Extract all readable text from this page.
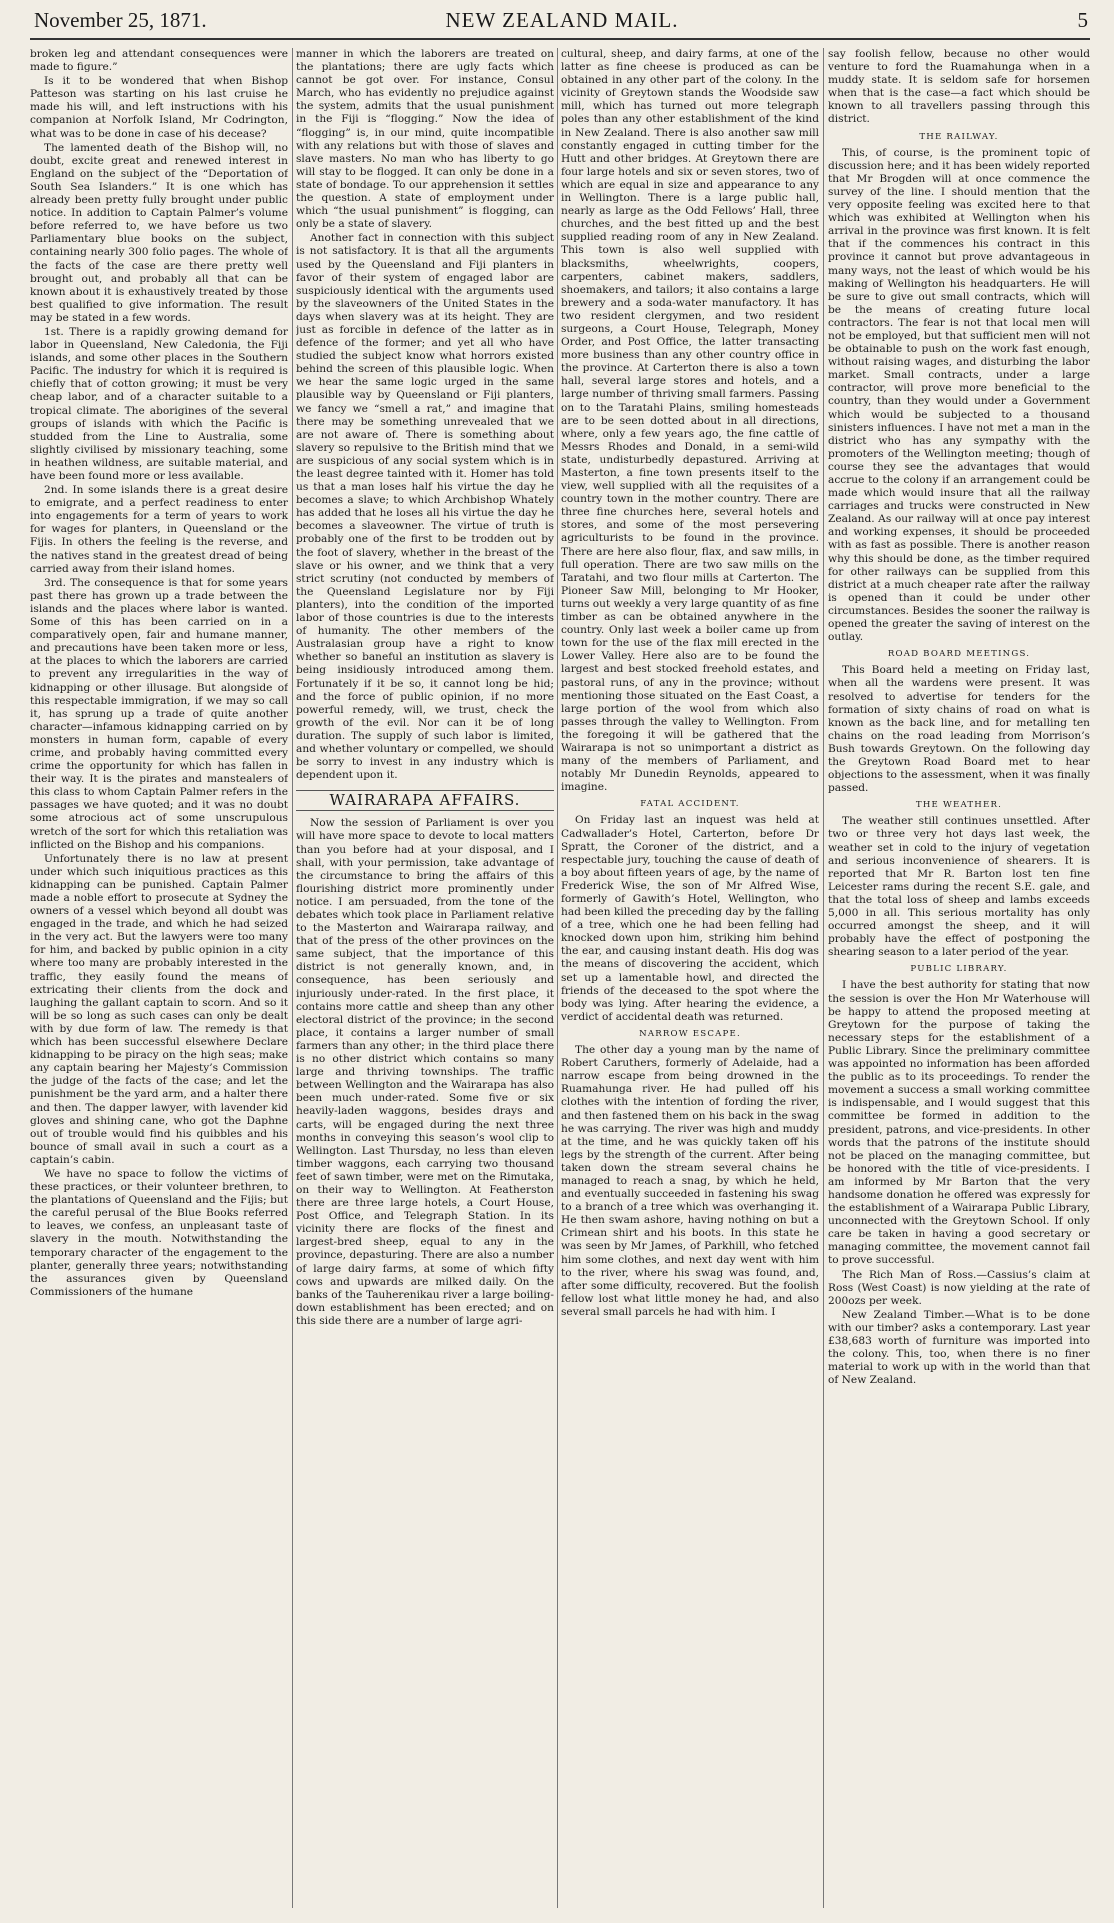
November 25, 1871.	NEW ZEALAND MAIL.	5

broken leg and attendant consequences were made to figure.”

Is it to be wondered that when Bishop Patteson was starting on his last cruise he made his will, and left instructions with his companion at Norfolk Island, Mr Codrington, what was to be done in case of his decease?

The lamented death of the Bishop will, no doubt, excite great and renewed interest in England on the subject of the “Deportation of South Sea Islanders.” It is one which has already been pretty fully brought under public notice. In addition to Captain Palmer’s volume before referred to, we have before us two Parliamentary blue books on the subject, containing nearly 300 folio pages. The whole of the facts of the case are there pretty well brought out, and probably all that can be known about it is exhaustively treated by those best qualified to give information. The result may be stated in a few words.

1st. There is a rapidly growing demand for labor in Queensland, New Caledonia, the Fiji islands, and some other places in the Southern Pacific. The industry for which it is required is chiefly that of cotton growing; it must be very cheap labor, and of a character suitable to a tropical climate. The aborigines of the several groups of islands with which the Pacific is studded from the Line to Australia, some slightly civilised by missionary teaching, some in heathen wildness, are suitable material, and have been found more or less available.

2nd. In some islands there is a great desire to emigrate, and a perfect readiness to enter into engagements for a term of years to work for wages for planters, in Queensland or the Fijis. In others the feeling is the reverse, and the natives stand in the greatest dread of being carried away from their island homes.

3rd. The consequence is that for some years past there has grown up a trade between the islands and the places where labor is wanted. Some of this has been carried on in a comparatively open, fair and humane manner, and precautions have been taken more or less, at the places to which the laborers are carried to prevent any irregularities in the way of kidnapping or other illusage. But alongside of this respectable immigration, if we may so call it, has sprung up a trade of quite another character—infamous kidnapping carried on by monsters in human form, capable of every crime, and probably having committed every crime the opportunity for which has fallen in their way. It is the pirates and manstealers of this class to whom Captain Palmer refers in the passages we have quoted; and it was no doubt some atrocious act of some unscrupulous wretch of the sort for which this retaliation was inflicted on the Bishop and his companions.

Unfortunately there is no law at present under which such iniquitious practices as this kidnapping can be punished. Captain Palmer made a noble effort to prosecute at Sydney the owners of a vessel which beyond all doubt was engaged in the trade, and which he had seized in the very act. But the lawyers were too many for him, and backed by public opinion in a city where too many are probably interested in the traffic, they easily found the means of extricating their clients from the dock and laughing the gallant captain to scorn. And so it will be so long as such cases can only be dealt with by due form of law. The remedy is that which has been successful elsewhere Declare kidnapping to be piracy on the high seas; make any captain bearing her Majesty’s Commission the judge of the facts of the case; and let the punishment be the yard arm, and a halter there and then. The dapper lawyer, with lavender kid gloves and shining cane, who got the Daphne out of trouble would find his quibbles and his bounce of small avail in such a court as a captain’s cabin.

We have no space to follow the victims of these practices, or their volunteer brethren, to the plantations of Queensland and the Fijis; but the careful perusal of the Blue Books referred to leaves, we confess, an unpleasant taste of slavery in the mouth. Notwithstanding the temporary character of the engagement to the planter, generally three years; notwithstanding the assurances given by Queensland Commissioners of the humane

manner in which the laborers are treated on the plantations; there are ugly facts which cannot be got over. For instance, Consul March, who has evidently no prejudice against the system, admits that the usual punishment in the Fiji is “flogging.” Now the idea of “flogging” is, in our mind, quite incompatible with any relations but with those of slaves and slave masters. No man who has liberty to go will stay to be flogged. It can only be done in a state of bondage. To our apprehension it settles the question. A state of employment under which “the usual punishment” is flogging, can only be a state of slavery.

Another fact in connection with this subject is not satisfactory. It is that all the arguments used by the Queensland and Fiji planters in favor of their system of engaged labor are suspiciously identical with the arguments used by the slaveowners of the United States in the days when slavery was at its height. They are just as forcible in defence of the latter as in defence of the former; and yet all who have studied the subject know what horrors existed behind the screen of this plausible logic. When we hear the same logic urged in the same plausible way by Queensland or Fiji planters, we fancy we “smell a rat,” and imagine that there may be something unrevealed that we are not aware of. There is something about slavery so repulsive to the British mind that we are suspicious of any social system which is in the least degree tainted with it. Homer has told us that a man loses half his virtue the day he becomes a slave; to which Archbishop Whately has added that he loses all his virtue the day he becomes a slaveowner. The virtue of truth is probably one of the first to be trodden out by the foot of slavery, whether in the breast of the slave or his owner, and we think that a very strict scrutiny (not conducted by members of the Queensland Legislature nor by Fiji planters), into the condition of the imported labor of those countries is due to the interests of humanity. The other members of the Australasian group have a right to know whether so baneful an institution as slavery is being insidiously introduced among them. Fortunately if it be so, it cannot long be hid; and the force of public opinion, if no more powerful remedy, will, we trust, check the growth of the evil. Nor can it be of long duration. The supply of such labor is limited, and whether voluntary or compelled, we should be sorry to invest in any industry which is dependent upon it.

WAIRARAPA AFFAIRS.

Now the session of Parliament is over you will have more space to devote to local matters than you before had at your disposal, and I shall, with your permission, take advantage of the circumstance to bring the affairs of this flourishing district more prominently under notice. I am persuaded, from the tone of the debates which took place in Parliament relative to the Masterton and Wairarapa railway, and that of the press of the other provinces on the same subject, that the importance of this district is not generally known, and, in consequence, has been seriously and injuriously under-rated. In the first place, it contains more cattle and sheep than any other electoral district of the province; in the second place, it contains a larger number of small farmers than any other; in the third place there is no other district which contains so many large and thriving townships. The traffic between Wellington and the Wairarapa has also been much under-rated. Some five or six heavily-laden waggons, besides drays and carts, will be engaged during the next three months in conveying this season’s wool clip to Wellington. Last Thursday, no less than eleven timber waggons, each carrying two thousand feet of sawn timber, were met on the Rimutaka, on their way to Wellington. At Featherston there are three large hotels, a Court House, Post Office, and Telegraph Station. In its vicinity there are flocks of the finest and largest-bred sheep, equal to any in the province, depasturing. There are also a number of large dairy farms, at some of which fifty cows and upwards are milked daily. On the banks of the Tauherenikau river a large boiling-down establishment has been erected; and on this side there are a number of large agri-

cultural, sheep, and dairy farms, at one of the latter as fine cheese is produced as can be obtained in any other part of the colony. In the vicinity of Greytown stands the Woodside saw mill, which has turned out more telegraph poles than any other establishment of the kind in New Zealand. There is also another saw mill constantly engaged in cutting timber for the Hutt and other bridges. At Greytown there are four large hotels and six or seven stores, two of which are equal in size and appearance to any in Wellington. There is a large public hall, nearly as large as the Odd Fellows’ Hall, three churches, and the best fitted up and the best supplied reading room of any in New Zealand. This town is also well supplied with blacksmiths, wheelwrights, coopers, carpenters, cabinet makers, saddlers, shoemakers, and tailors; it also contains a large brewery and a soda-water manufactory. It has two resident clergymen, and two resident surgeons, a Court House, Telegraph, Money Order, and Post Office, the latter transacting more business than any other country office in the province. At Carterton there is also a town hall, several large stores and hotels, and a large number of thriving small farmers. Passing on to the Taratahi Plains, smiling homesteads are to be seen dotted about in all directions, where, only a few years ago, the fine cattle of Messrs Rhodes and Donald, in a semi-wild state, undisturbedly depastured. Arriving at Masterton, a fine town presents itself to the view, well supplied with all the requisites of a country town in the mother country. There are three fine churches here, several hotels and stores, and some of the most persevering agriculturists to be found in the province. There are here also flour, flax, and saw mills, in full operation. There are two saw mills on the Taratahi, and two flour mills at Carterton. The Pioneer Saw Mill, belonging to Mr Hooker, turns out weekly a very large quantity of as fine timber as can be obtained anywhere in the country. Only last week a boiler came up from town for the use of the flax mill erected in the Lower Valley. Here also are to be found the largest and best stocked freehold estates, and pastoral runs, of any in the province; without mentioning those situated on the East Coast, a large portion of the wool from which also passes through the valley to Wellington. From the foregoing it will be gathered that the Wairarapa is not so unimportant a district as many of the members of Parliament, and notably Mr Dunedin Reynolds, appeared to imagine.

FATAL ACCIDENT.

On Friday last an inquest was held at Cadwallader’s Hotel, Carterton, before Dr Spratt, the Coroner of the district, and a respectable jury, touching the cause of death of a boy about fifteen years of age, by the name of Frederick Wise, the son of Mr Alfred Wise, formerly of Gawith’s Hotel, Wellington, who had been killed the preceding day by the falling of a tree, which one he had been felling had knocked down upon him, striking him behind the ear, and causing instant death. His dog was the means of discovering the accident, which set up a lamentable howl, and directed the friends of the deceased to the spot where the body was lying. After hearing the evidence, a verdict of accidental death was returned.

NARROW ESCAPE.

The other day a young man by the name of Robert Caruthers, formerly of Adelaide, had a narrow escape from being drowned in the Ruamahunga river. He had pulled off his clothes with the intention of fording the river, and then fastened them on his back in the swag he was carrying. The river was high and muddy at the time, and he was quickly taken off his legs by the strength of the current. After being taken down the stream several chains he managed to reach a snag, by which he held, and eventually succeeded in fastening his swag to a branch of a tree which was overhanging it. He then swam ashore, having nothing on but a Crimean shirt and his boots. In this state he was seen by Mr James, of Parkhill, who fetched him some clothes, and next day went with him to the river, where his swag was found, and, after some difficulty, recovered. But the foolish fellow lost what little money he had, and also several small parcels he had with him. I

say foolish fellow, because no other would venture to ford the Ruamahunga when in a muddy state. It is seldom safe for horsemen when that is the case—a fact which should be known to all travellers passing through this district.

THE RAILWAY.

This, of course, is the prominent topic of discussion here; and it has been widely reported that Mr Brogden will at once commence the survey of the line. I should mention that the very opposite feeling was excited here to that which was exhibited at Wellington when his arrival in the province was first known. It is felt that if the commences his contract in this province it cannot but prove advantageous in many ways, not the least of which would be his making of Wellington his headquarters. He will be sure to give out small contracts, which will be the means of creating future local contractors. The fear is not that local men will not be employed, but that sufficient men will not be obtainable to push on the work fast enough, without raising wages, and disturbing the labor market. Small contracts, under a large contractor, will prove more beneficial to the country, than they would under a Government which would be subjected to a thousand sinisters influences. I have not met a man in the district who has any sympathy with the promoters of the Wellington meeting; though of course they see the advantages that would accrue to the colony if an arrangement could be made which would insure that all the railway carriages and trucks were constructed in New Zealand. As our railway will at once pay interest and working expenses, it should be proceeded with as fast as possible. There is another reason why this should be done, as the timber required for other railways can be supplied from this district at a much cheaper rate after the railway is opened than it could be under other circumstances. Besides the sooner the railway is opened the greater the saving of interest on the outlay.

ROAD BOARD MEETINGS.

This Board held a meeting on Friday last, when all the wardens were present. It was resolved to advertise for tenders for the formation of sixty chains of road on what is known as the back line, and for metalling ten chains on the road leading from Morrison’s Bush towards Greytown. On the following day the Greytown Road Board met to hear objections to the assessment, when it was finally passed.

THE WEATHER.

The weather still continues unsettled. After two or three very hot days last week, the weather set in cold to the injury of vegetation and serious inconvenience of shearers. It is reported that Mr R. Barton lost ten fine Leicester rams during the recent S.E. gale, and that the total loss of sheep and lambs exceeds 5,000 in all. This serious mortality has only occurred amongst the sheep, and it will probably have the effect of postponing the shearing season to a later period of the year.

PUBLIC LIBRARY.

I have the best authority for stating that now the session is over the Hon Mr Waterhouse will be happy to attend the proposed meeting at Greytown for the purpose of taking the necessary steps for the establishment of a Public Library. Since the preliminary committee was appointed no information has been afforded the public as to its proceedings. To render the movement a success a small working committee is indispensable, and I would suggest that this committee be formed in addition to the president, patrons, and vice-presidents. In other words that the patrons of the institute should not be placed on the managing committee, but be honored with the title of vice-presidents. I am informed by Mr Barton that the very handsome donation he offered was expressly for the establishment of a Wairarapa Public Library, unconnected with the Greytown School. If only care be taken in having a good secretary or managing committee, the movement cannot fail to prove successful.

The Rich Man of Ross.—Cassius’s claim at Ross (West Coast) is now yielding at the rate of 200ozs per week.

New Zealand Timber.—What is to be done with our timber? asks a contemporary. Last year £38,683 worth of furniture was imported into the colony. This, too, when there is no finer material to work up with in the world than that of New Zealand.
